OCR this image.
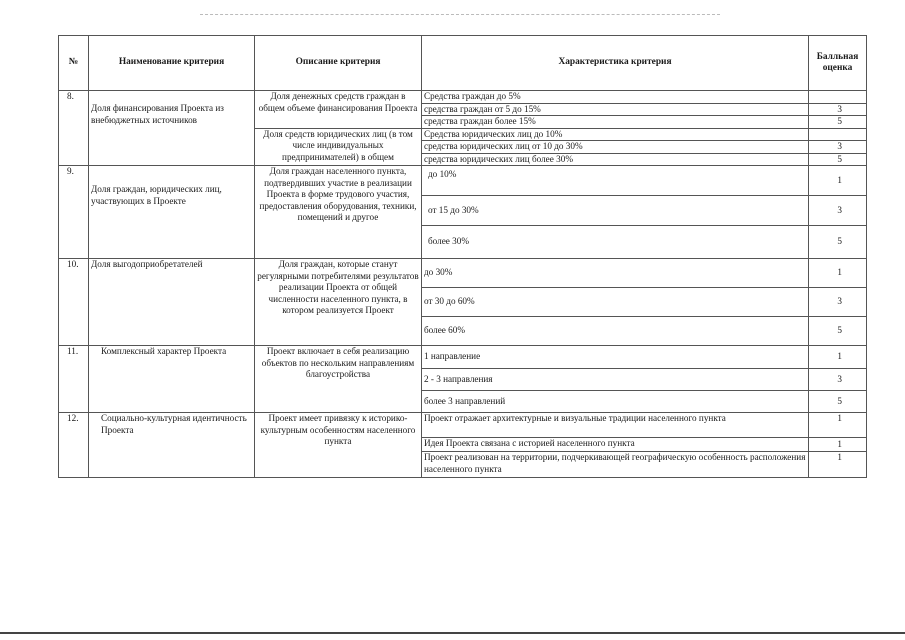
№	Наименование критерия	Описание критерия	Характеристика критерия	Балльная оценка
8.	Доля финансирования Проекта из внебюджетных источников	Доля денежных средств граждан в общем объеме финансирования Проекта	Средства граждан до 5%	
			средства граждан от 5 до 15%	3
			средства граждан более 15%	5
		Доля средств юридических лиц (в том числе индивидуальных предпринимателей) в общем	Средства юридических лиц до 10%	
			средства юридических лиц от 10 до 30%	3
			средства юридических лиц более 30%	5
9.	Доля граждан, юридических лиц, участвующих в Проекте	Доля граждан населенного пункта, подтвердивших участие в реализации Проекта в форме трудового участия, предоставления оборудования, техники, помещений и другое	до 10%	1
			от 15 до 30%	3
			более 30%	5
10.	Доля выгодоприобретателей	Доля граждан, которые станут регулярными потребителями результатов реализации Проекта от общей численности населенного пункта, в котором реализуется Проект	до 30%	1
			от 30 до 60%	3
			более 60%	5
11.	Комплексный характер Проекта	Проект включает в себя реализацию объектов по нескольким направлениям благоустройства	1 направление	1
			2 - 3 направления	3
			более 3 направлений	5
12.	Социально-культурная идентичность Проекта	Проект имеет привязку к историко-культурным особенностям населенного пункта	Проект отражает архитектурные и визуальные традиции населенного пункта	1
			Идея Проекта связана с историей населенного пункта	1
			Проект реализован на территории, подчеркивающей географическую особенность расположения населенного пункта	1
